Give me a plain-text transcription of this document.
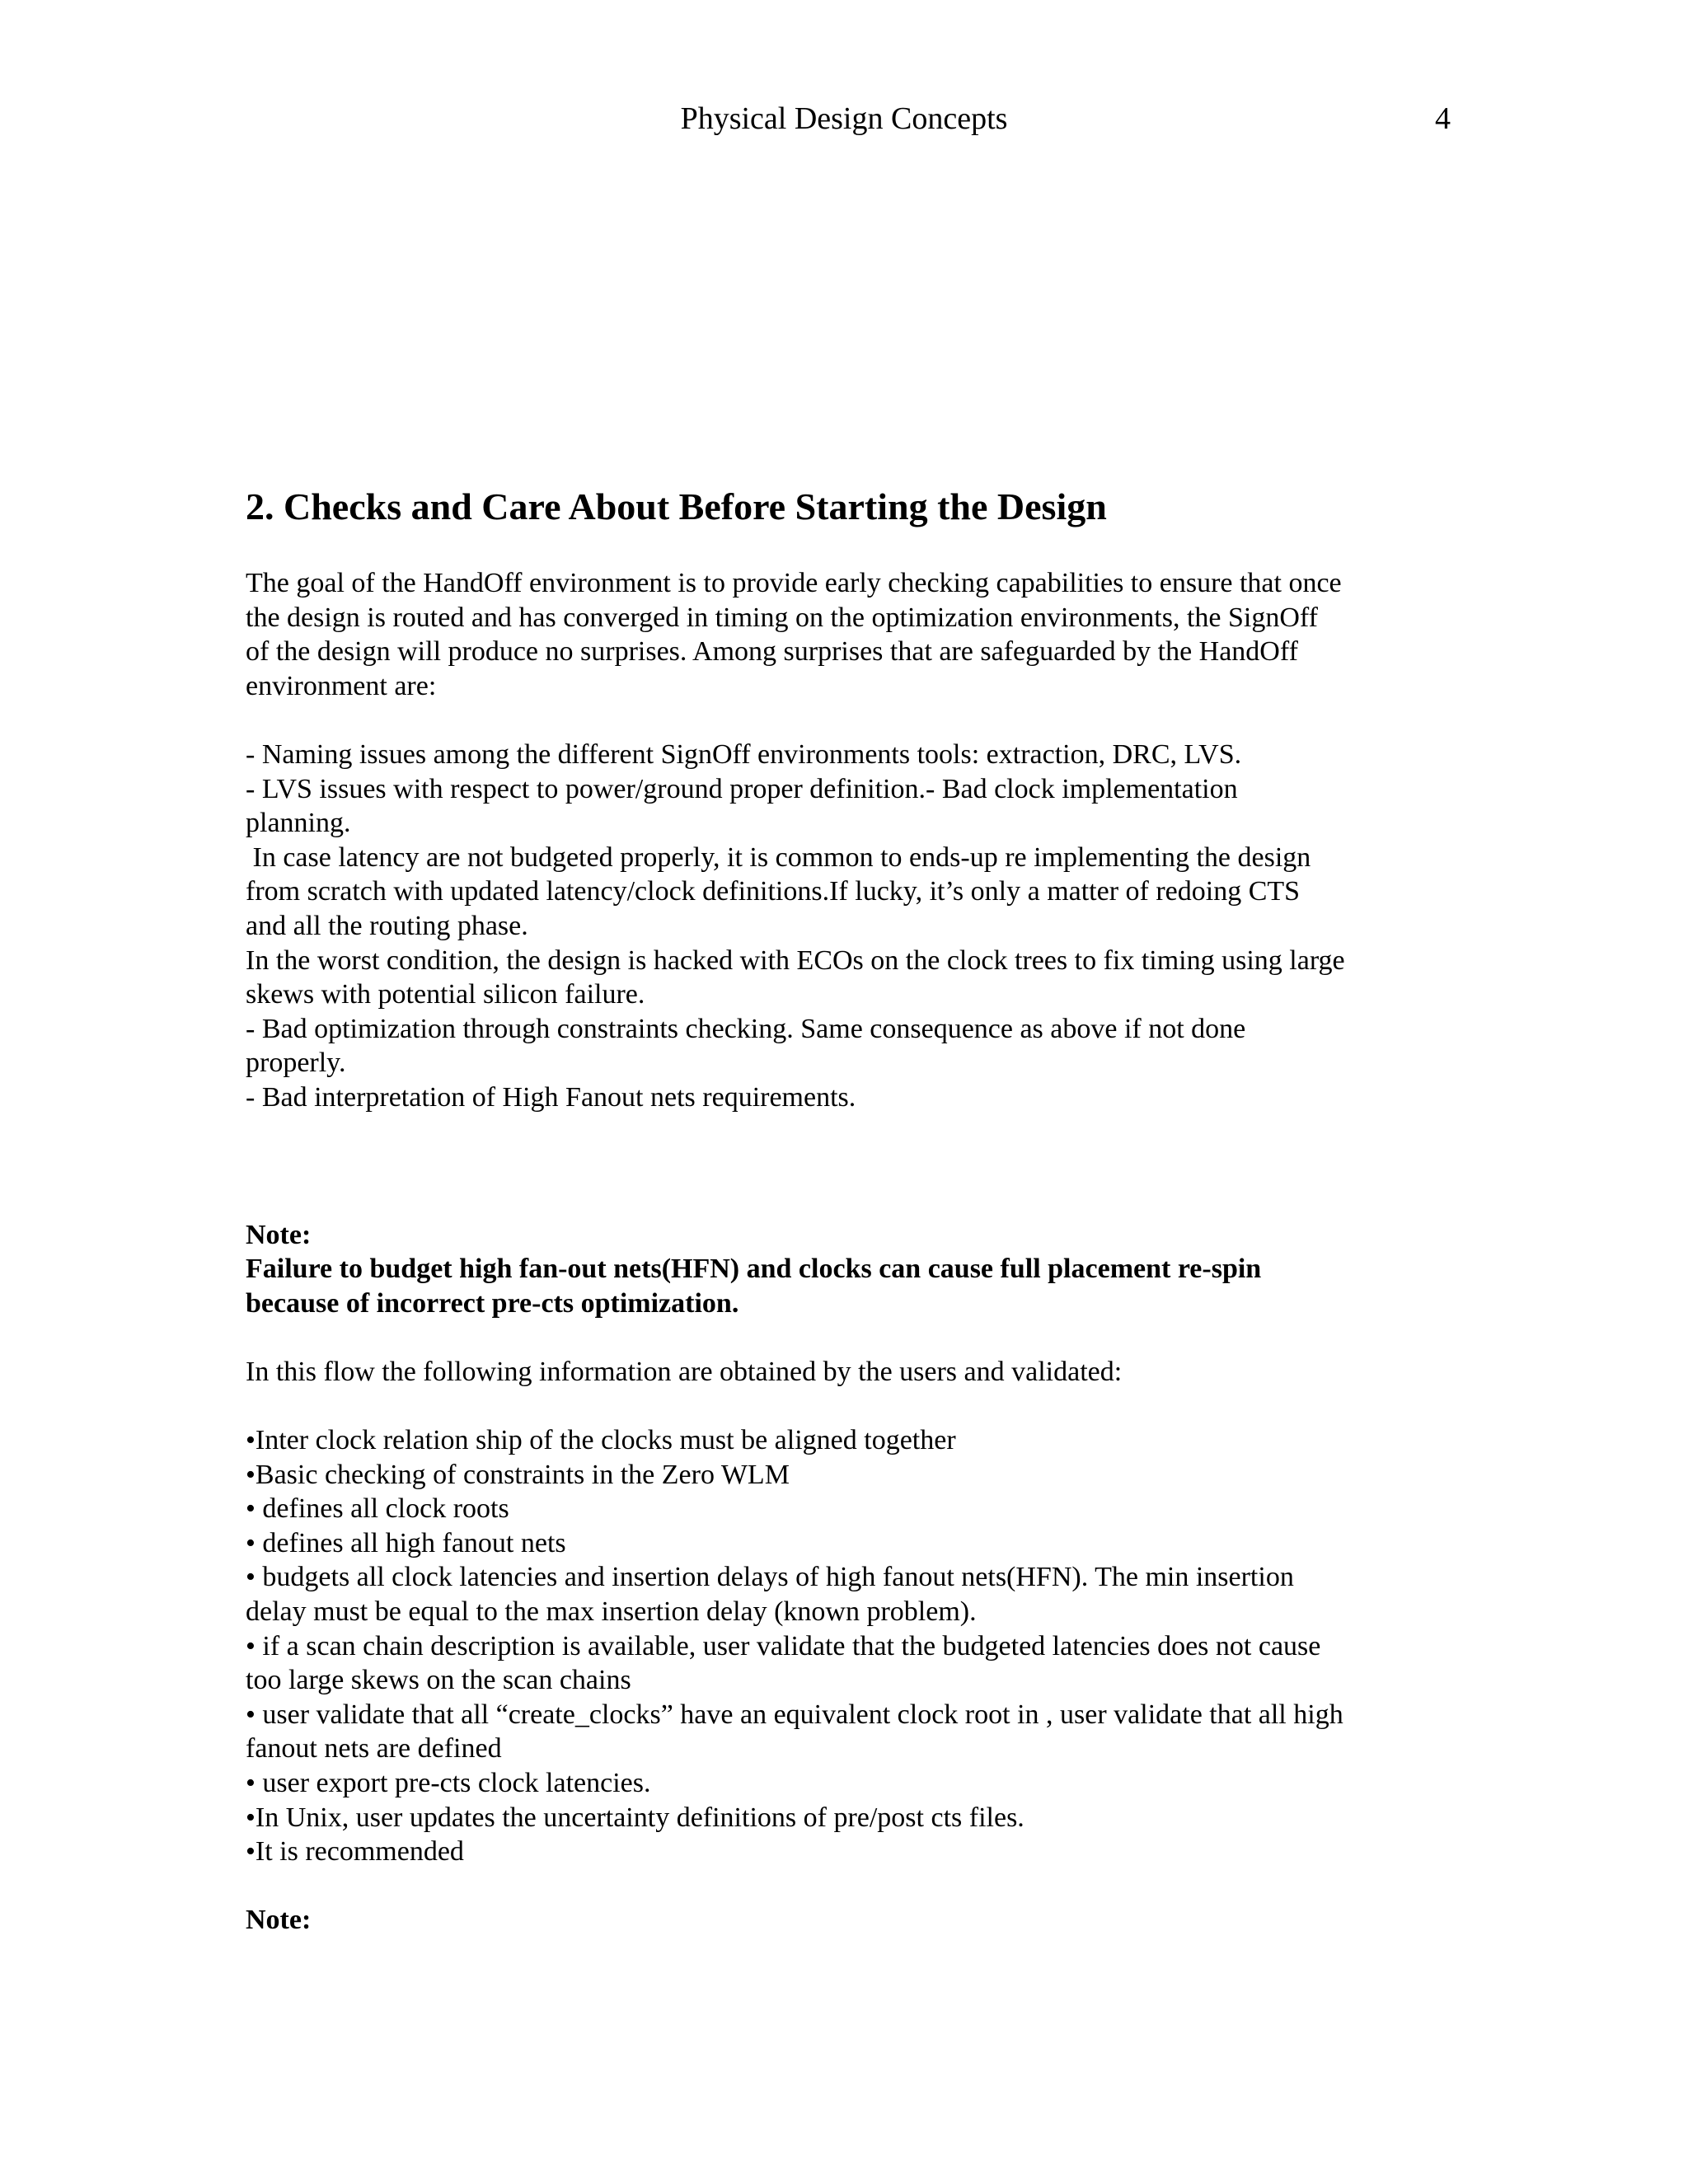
Physical Design Concepts	4
2. Checks and Care About Before Starting the Design

The goal of the HandOff environment is to provide early checking capabilities to ensure that once
the design is routed and has converged in timing on the optimization environments, the SignOff
of the design will produce no surprises. Among surprises that are safeguarded by the HandOff
environment are:

- Naming issues among the different SignOff environments tools: extraction, DRC, LVS.
- LVS issues with respect to power/ground proper definition.- Bad clock implementation
planning.
In case latency are not budgeted properly, it is common to ends-up re implementing the design
from scratch with updated latency/clock definitions.If lucky, it’s only a matter of redoing CTS
and all the routing phase.
In the worst condition, the design is hacked with ECOs on the clock trees to fix timing using large
skews with potential silicon failure.
- Bad optimization through constraints checking. Same consequence as above if not done
properly.
- Bad interpretation of High Fanout nets requirements.

Note:
Failure to budget high fan-out nets(HFN) and clocks can cause full placement re-spin
because of incorrect pre-cts optimization.

In this flow the following information are obtained by the users and validated:

•Inter clock relation ship of the clocks must be aligned together
•Basic checking of constraints in the Zero WLM
• defines all clock roots
• defines all high fanout nets
• budgets all clock latencies and insertion delays of high fanout nets(HFN). The min insertion
delay must be equal to the max insertion delay (known problem).
• if a scan chain description is available, user validate that the budgeted latencies does not cause
too large skews on the scan chains
• user validate that all “create_clocks” have an equivalent clock root in , user validate that all high
fanout nets are defined
• user export pre-cts clock latencies.
•In Unix, user updates the uncertainty definitions of pre/post cts files.
•It is recommended

Note:
